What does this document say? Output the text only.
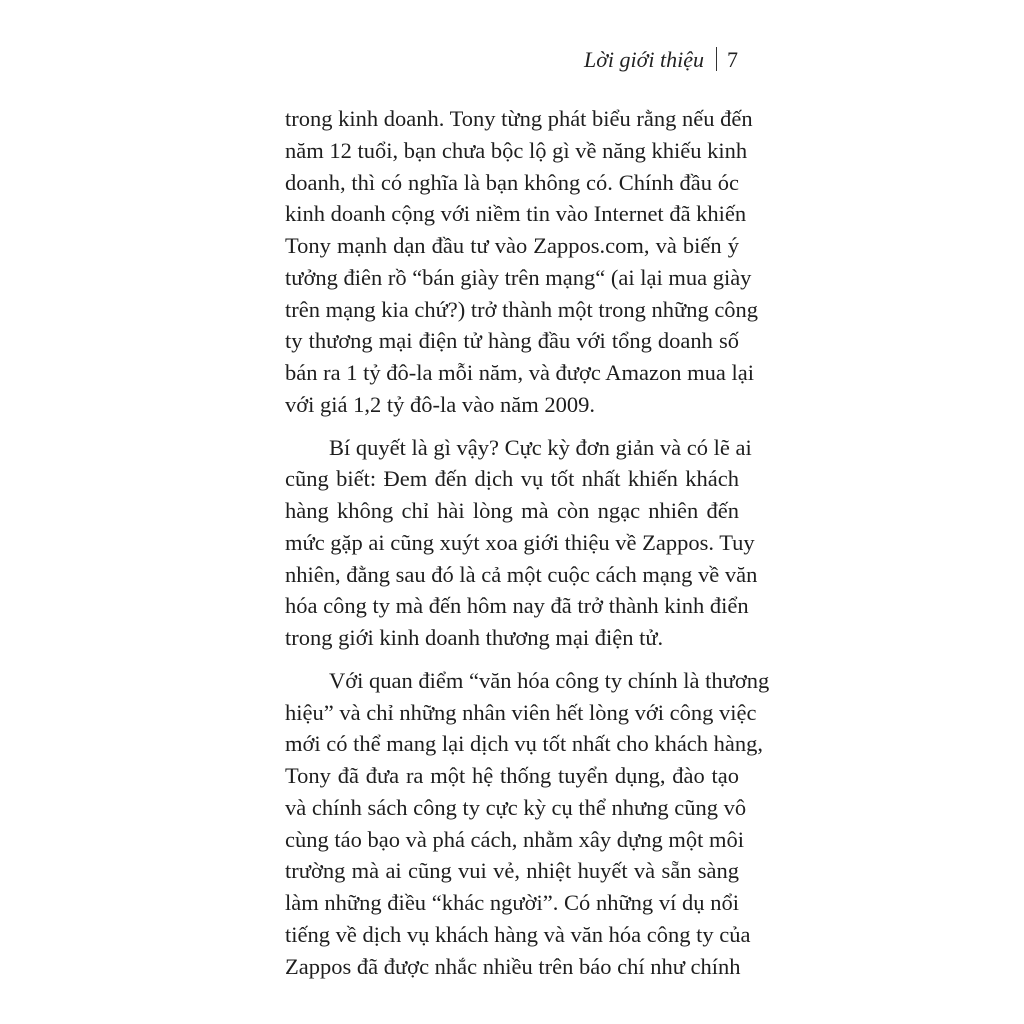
Lời giới thiệu 7
trong kinh doanh. Tony từng phát biểu rằng nếu đến
năm 12 tuổi, bạn chưa bộc lộ gì về năng khiếu kinh
doanh, thì có nghĩa là bạn không có. Chính đầu óc
kinh doanh cộng với niềm tin vào Internet đã khiến
Tony mạnh dạn đầu tư vào Zappos.com, và biến ý
tưởng điên rồ “bán giày trên mạng“ (ai lại mua giày
trên mạng kia chứ?) trở thành một trong những công
ty thương mại điện tử hàng đầu với tổng doanh số
bán ra 1 tỷ đô-la mỗi năm, và được Amazon mua lại
với giá 1,2 tỷ đô-la vào năm 2009.
Bí quyết là gì vậy? Cực kỳ đơn giản và có lẽ ai
cũng biết: Đem đến dịch vụ tốt nhất khiến khách
hàng không chỉ hài lòng mà còn ngạc nhiên đến
mức gặp ai cũng xuýt xoa giới thiệu về Zappos. Tuy
nhiên, đằng sau đó là cả một cuộc cách mạng về văn
hóa công ty mà đến hôm nay đã trở thành kinh điển
trong giới kinh doanh thương mại điện tử.
Với quan điểm “văn hóa công ty chính là thương
hiệu” và chỉ những nhân viên hết lòng với công việc
mới có thể mang lại dịch vụ tốt nhất cho khách hàng,
Tony đã đưa ra một hệ thống tuyển dụng, đào tạo
và chính sách công ty cực kỳ cụ thể nhưng cũng vô
cùng táo bạo và phá cách, nhằm xây dựng một môi
trường mà ai cũng vui vẻ, nhiệt huyết và sẵn sàng
làm những điều “khác người”. Có những ví dụ nổi
tiếng về dịch vụ khách hàng và văn hóa công ty của
Zappos đã được nhắc nhiều trên báo chí như chính
